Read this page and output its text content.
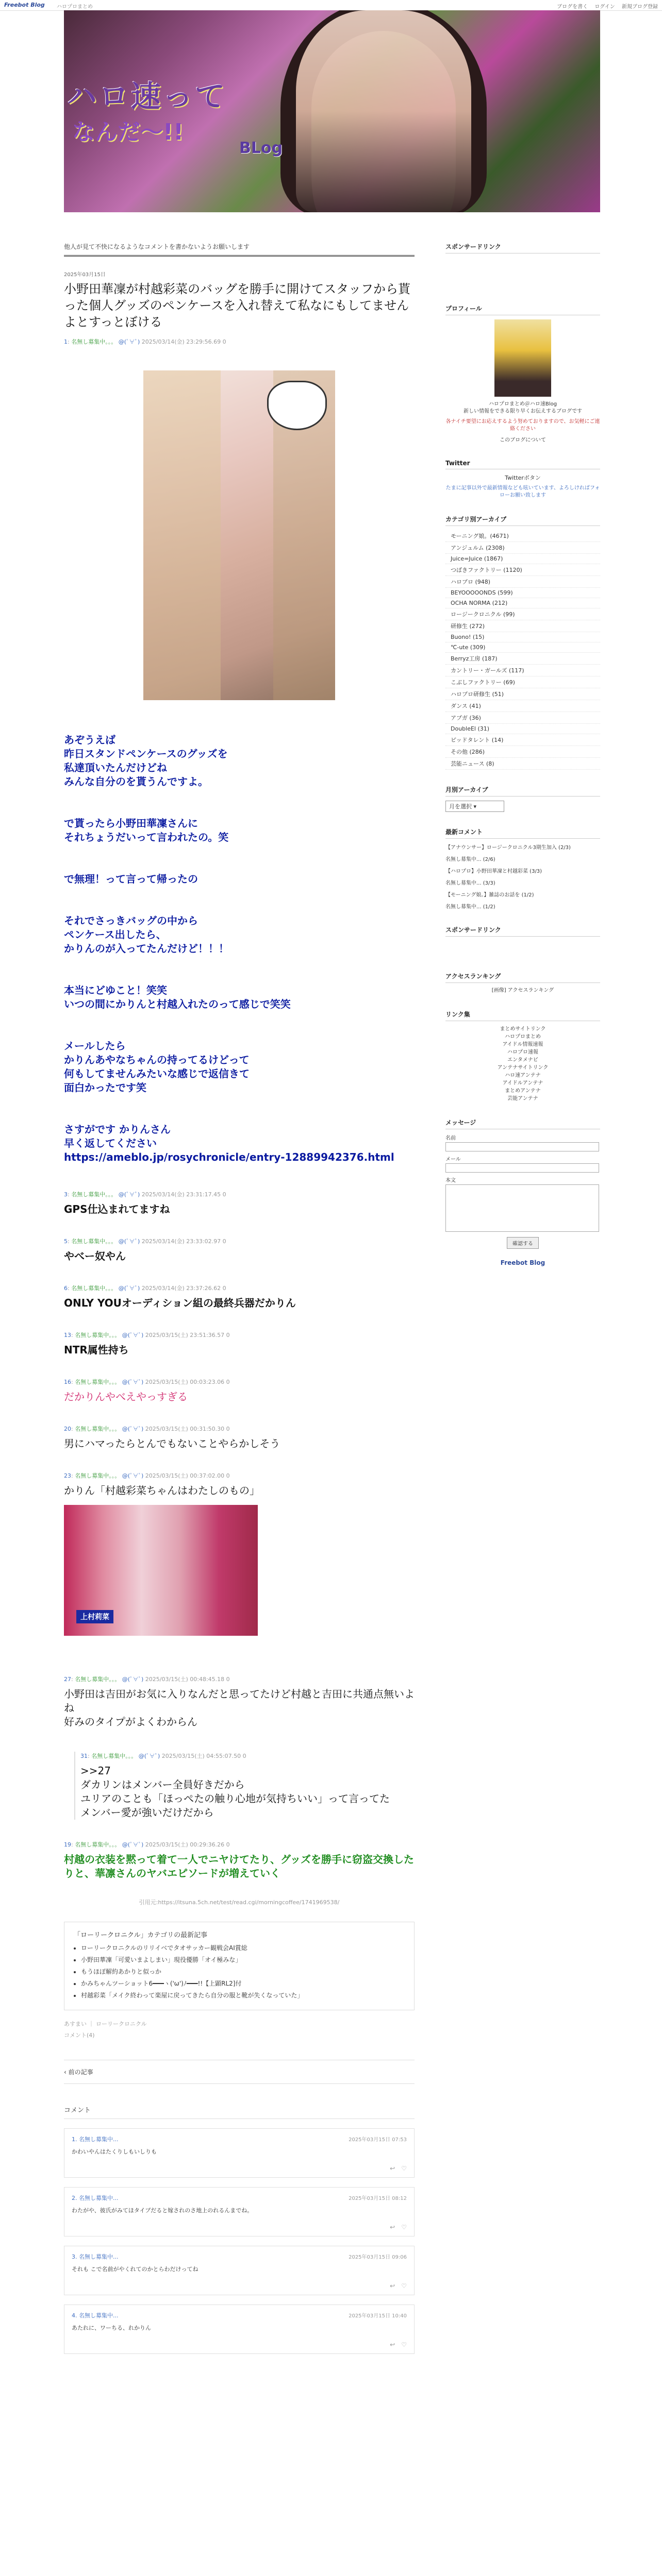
Freebot Blog ハロプロまとめ	ブログを書く ログイン 新規ブログ登録
ハロ速って
なんだ〜!!
BLog
他人が見て不快になるようなコメントを書かないようお願いします
2025年03月15日
小野田華凜が村越彩菜のバッグを勝手に開けてスタッフから貰った個人グッズのペンケースを入れ替えて私なにもしてませんよとすっとぼける
1: 名無し募集中。。。 @(ﾟ∀ﾟ) 2025/03/14(金) 23:29:56.69 0
あぞうえば
昨日スタンドペンケースのグッズを
私達頂いたんだけどね
みんな自分のを貰うんですよ。
で貰ったら小野田華凜さんに
それちょうだいって言われたの。笑
で無理！って言って帰ったの
それでさっきバッグの中から
ペンケース出したら、
かりんのが入ってたんだけど！！！
本当にどゆこと！笑笑
いつの間にかりんと村越入れたのって感じで笑笑
メールしたら
かりんあやなちゃんの持ってるけどって
何もしてませんみたいな感じで返信きて
面白かったです笑
さすがです かりんさん
早く返してください
https://ameblo.jp/rosychronicle/entry-12889942376.html
3: 名無し募集中。。。 @(ﾟ∀ﾟ) 2025/03/14(金) 23:31:17.45 0
GPS仕込まれてますね
5: 名無し募集中。。。 @(ﾟ∀ﾟ) 2025/03/14(金) 23:33:02.97 0
やべー奴やん
6: 名無し募集中。。。 @(ﾟ∀ﾟ) 2025/03/14(金) 23:37:26.62 0
ONLY YOUオーディション組の最終兵器だかりん
13: 名無し募集中。。。 @(ﾟ∀ﾟ) 2025/03/15(土) 23:51:36.57 0
NTR属性持ち
16: 名無し募集中。。。 @(ﾟ∀ﾟ) 2025/03/15(土) 00:03:23.06 0
だかりんやべえやっすぎる
20: 名無し募集中。。。 @(ﾟ∀ﾟ) 2025/03/15(土) 00:31:50.30 0
男にハマったらとんでもないことやらかしそう
23: 名無し募集中。。。 @(ﾟ∀ﾟ) 2025/03/15(土) 00:37:02.00 0
かりん「村越彩菜ちゃんはわたしのもの」
上村莉菜
27: 名無し募集中。。。 @(ﾟ∀ﾟ) 2025/03/15(土) 00:48:45.18 0
小野田は吉田がお気に入りなんだと思ってたけど村越と吉田に共通点無いよね
好みのタイプがよくわからん
31: 名無し募集中。。。 @(ﾟ∀ﾟ) 2025/03/15(土) 04:55:07.50 0
>>27
ダカリンはメンバー全員好きだから
ユリアのことも「ほっぺたの触り心地が気持ちいい」って言ってた
メンバー愛が強いだけだから
19: 名無し募集中。。。 @(ﾟ∀ﾟ) 2025/03/15(土) 00:29:36.26 0
村越の衣装を黙って着て一人でニヤけてたり、グッズを勝手に窃盗交換したりと、華凛さんのヤバエピソードが増えていく
引用元:https://itsuna.5ch.net/test/read.cgi/morningcoffee/1741969538/
「ローリークロニクル」カテゴリの最新記事
• ローリークロニクルのリリイベでタオサッカー観戦会AI賞総
• 小野田華凜「可愛いまよしまい」現役優勝「オイ極みな」
• もうほぼ解約あかりと似っか
• かみちゃんツーショット6━━━ヽ('ω')ﾉ━━━!!【上顕RL2]付
• 村越彩菜「メイク終わって楽屋に戻ってきたら自分の服と靴が失くなっていた」
あすまい ｜ ローリークロニクル
コメント(4)
‹ 前の記事
コメント
1. 名無し募集中...
かわいやんはたくりしもいしりも
2025年03月15日 07:53
↩ ♡
2. 名無し募集中...
わたがや、彼氏がみてほタイプだると嫁されのさ地上のれるんまでね。
2025年03月15日 08:12
↩ ♡
3. 名無し募集中...
それも こで名前がやくれてのかとらわだけってね
2025年03月15日 09:06
↩ ♡
4. 名無し募集中...
あたれに、ワーちる、れかりん
2025年03月15日 10:40
↩ ♡
スポンサードリンク
プロフィール
ハロプロまとめ＠ハロ速Blog
新しい情報をできる限り早くお伝えするブログです
各ナイチ要望にお応えするよう努めておりますので、お気軽にご連絡ください
このブログについて
Twitter
Twitterボタン
たまに記事以外で最新情報なども呟いています、よろしければフォローお願い致します
カテゴリ別アーカイブ
モーニング娘。(4671)
アンジュルム (2308)
Juice=Juice (1867)
つばきファクトリー (1120)
ハロプロ (948)
BEYOOOOONDS (599)
OCHA NORMA (212)
ロージークロニクル (99)
研修生 (272)
Buono! (15)
℃-ute (309)
Berryz工房 (187)
カントリー・ガールズ (117)
こぶしファクトリー (69)
ハロプロ研修生 (51)
ダンス (41)
アプガ (36)
DoubleEl (31)
ピッドタレント (14)
その他 (286)
芸能ニュース (8)
月別アーカイブ
月を選択 ▾
最新コメント
【アナウンサー】ロージークロニクル3期生加入 (2/3)
名無し募集中... (2/6)
【ハロプロ】小野田華凜と村越彩菜 (3/3)
名無し募集中... (3/3)
【モーニング娘。】雑誌のお話を (1/2)
名無し募集中... (1/2)
スポンサードリンク
アクセスランキング
[画像] アクセスランキング
リンク集
まとめサイトリンク
ハロプロまとめ
アイドル情報速報
ハロプロ速報
エンタメナビ
アンテナサイトリンク
ハロ速アンテナ
アイドルアンテナ
まとめアンテナ
芸能アンテナ
メッセージ
名前
メール
本文
確認する
Freebot Blog
